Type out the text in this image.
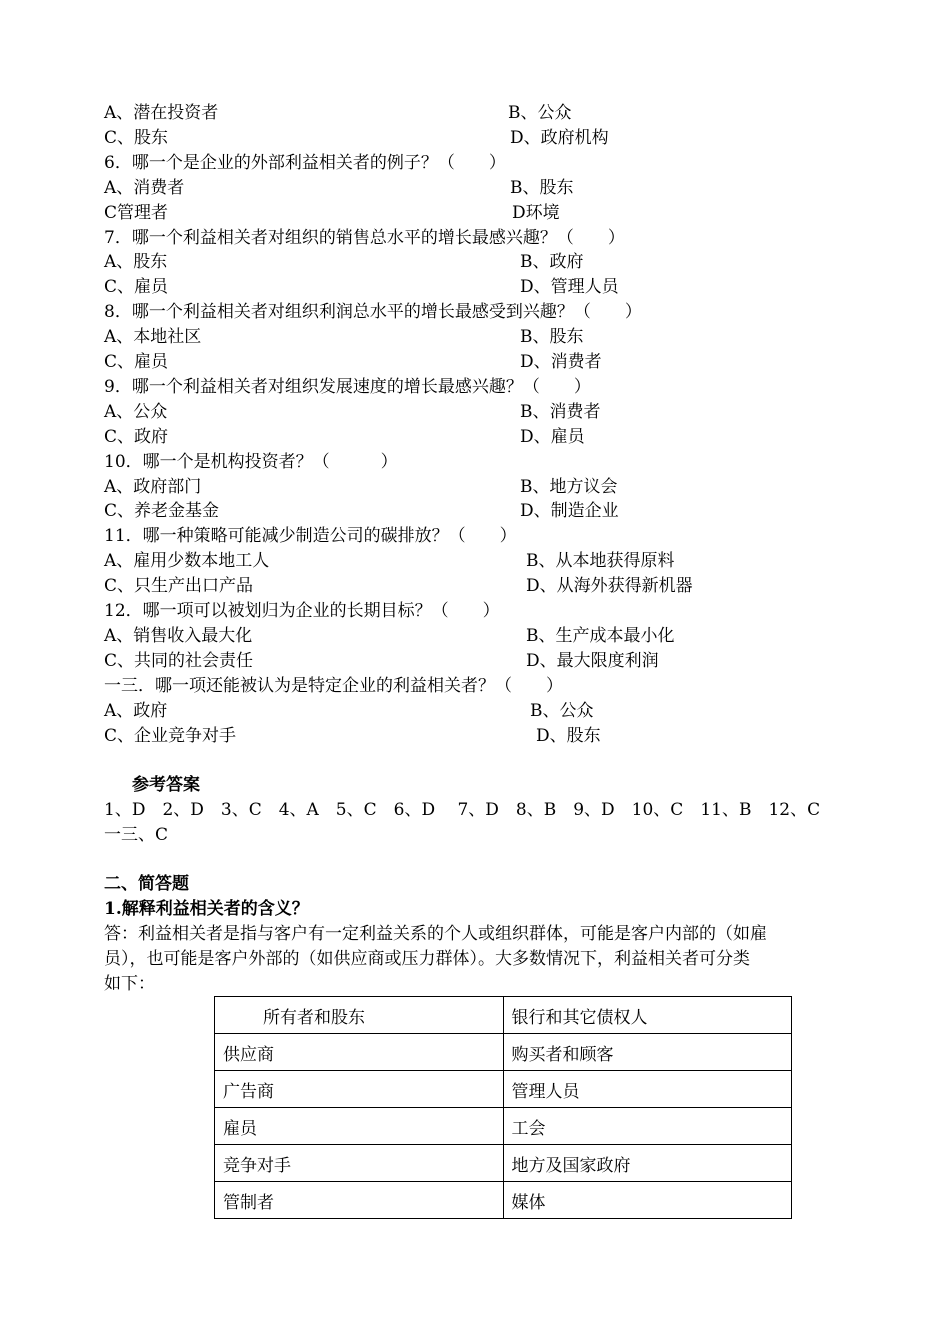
A、潜在投资者	B、公众
C、股东	D、政府机构
6．哪一个是企业的外部利益相关者的例子？（　　）
A、消费者	B、股东
C管理者	D环境
7．哪一个利益相关者对组织的销售总水平的增长最感兴趣？（　　）
A、股东	B、政府
C、雇员	D、管理人员
8．哪一个利益相关者对组织利润总水平的增长最感受到兴趣？（　　）
A、本地社区	B、股东
C、雇员	D、消费者
9．哪一个利益相关者对组织发展速度的增长最感兴趣？（　　）
A、公众	B、消费者
C、政府	D、雇员
10．哪一个是机构投资者？（　　　）
A、政府部门	B、地方议会
C、养老金基金	D、制造企业
11．哪一种策略可能减少制造公司的碳排放？（　　）
A、雇用少数本地工人	B、从本地获得原料
C、只生产出口产品	D、从海外获得新机器
12．哪一项可以被划归为企业的长期目标？（　　）
A、销售收入最大化	B、生产成本最小化
C、共同的社会责任	D、最大限度利润
一三．哪一项还能被认为是特定企业的利益相关者？（　　）
A、政府	B、公众
C、企业竞争对手	D、股东
参考答案
1、D　2、D　3、C　4、A　5、C　6、D　 7、D　8、B　9、D　10、C　11、B　12、C
一三、C
二、简答题
1.解释利益相关者的含义？
答：利益相关者是指与客户有一定利益关系的个人或组织群体，可能是客户内部的（如雇
员），也可能是客户外部的（如供应商或压力群体）。大多数情况下，利益相关者可分类
如下：
所有者和股东	银行和其它债权人
供应商	购买者和顾客
广告商	管理人员
雇员	工会
竞争对手	地方及国家政府
管制者	媒体
